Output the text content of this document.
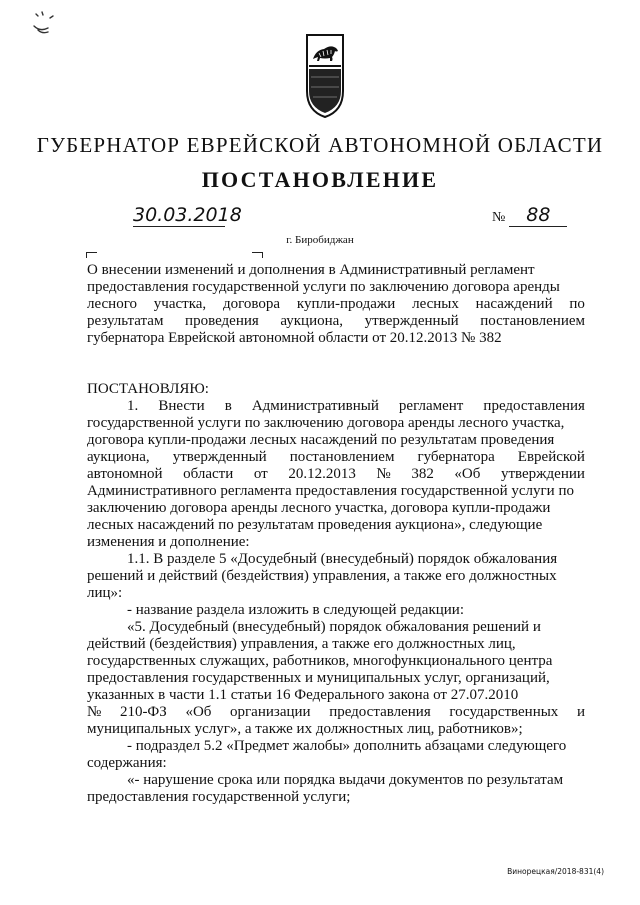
ГУБЕРНАТОР ЕВРЕЙСКОЙ АВТОНОМНОЙ ОБЛАСТИ
ПОСТАНОВЛЕНИЕ
30.03.2018	№ 88
г. Биробиджан
О внесении изменений и дополнения в Административный регламент
предоставления государственной услуги по заключению договора аренды
лесного участка, договора купли-продажи лесных насаждений по
результатам проведения аукциона, утвержденный постановлением
губернатора Еврейской автономной области от 20.12.2013 № 382
ПОСТАНОВЛЯЮ:
1. Внести в Административный регламент предоставления
государственной услуги по заключению договора аренды лесного участка,
договора купли-продажи лесных насаждений по результатам проведения
аукциона, утвержденный постановлением губернатора Еврейской
автономной области от 20.12.2013 № 382 «Об утверждении
Административного регламента предоставления государственной услуги по
заключению договора аренды лесного участка, договора купли-продажи
лесных насаждений по результатам проведения аукциона», следующие
изменения и дополнение:
1.1. В разделе 5 «Досудебный (внесудебный) порядок обжалования
решений и действий (бездействия) управления, а также его должностных
лиц»:
- название раздела изложить в следующей редакции:
«5. Досудебный (внесудебный) порядок обжалования решений и
действий (бездействия) управления, а также его должностных лиц,
государственных служащих, работников, многофункционального центра
предоставления государственных и муниципальных услуг, организаций,
указанных в части 1.1 статьи 16 Федерального закона от 27.07.2010
№ 210-ФЗ «Об организации предоставления государственных и
муниципальных услуг», а также их должностных лиц, работников»;
- подраздел 5.2 «Предмет жалобы» дополнить абзацами следующего
содержания:
«- нарушение срока или порядка выдачи документов по результатам
предоставления государственной услуги;
Винорецкая/2018-831(4)
